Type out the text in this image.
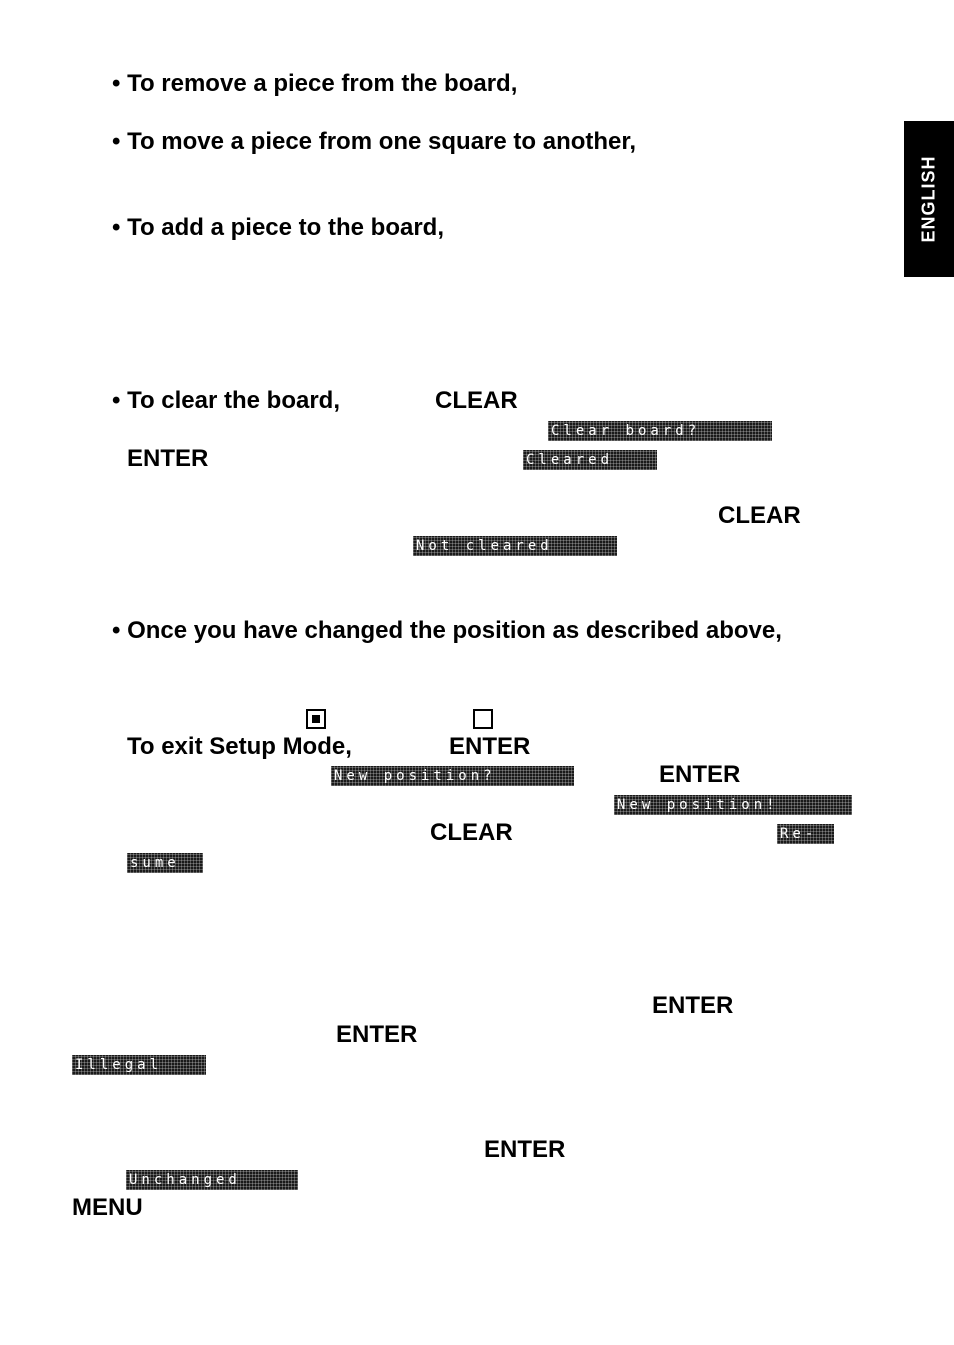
ENGLISH
• To remove a piece from the board,
• To move a piece from one square to another,
• To add a piece to the board,
• To clear the board,	CLEAR
Clear board?
ENTER	Cleared
CLEAR
Not cleared
• Once you have changed the position as described above,
To exit Setup Mode,	ENTER
New position?	ENTER
New position!
CLEAR	Re-
sume
ENTER
ENTER
Illegal
ENTER
Unchanged
MENU
